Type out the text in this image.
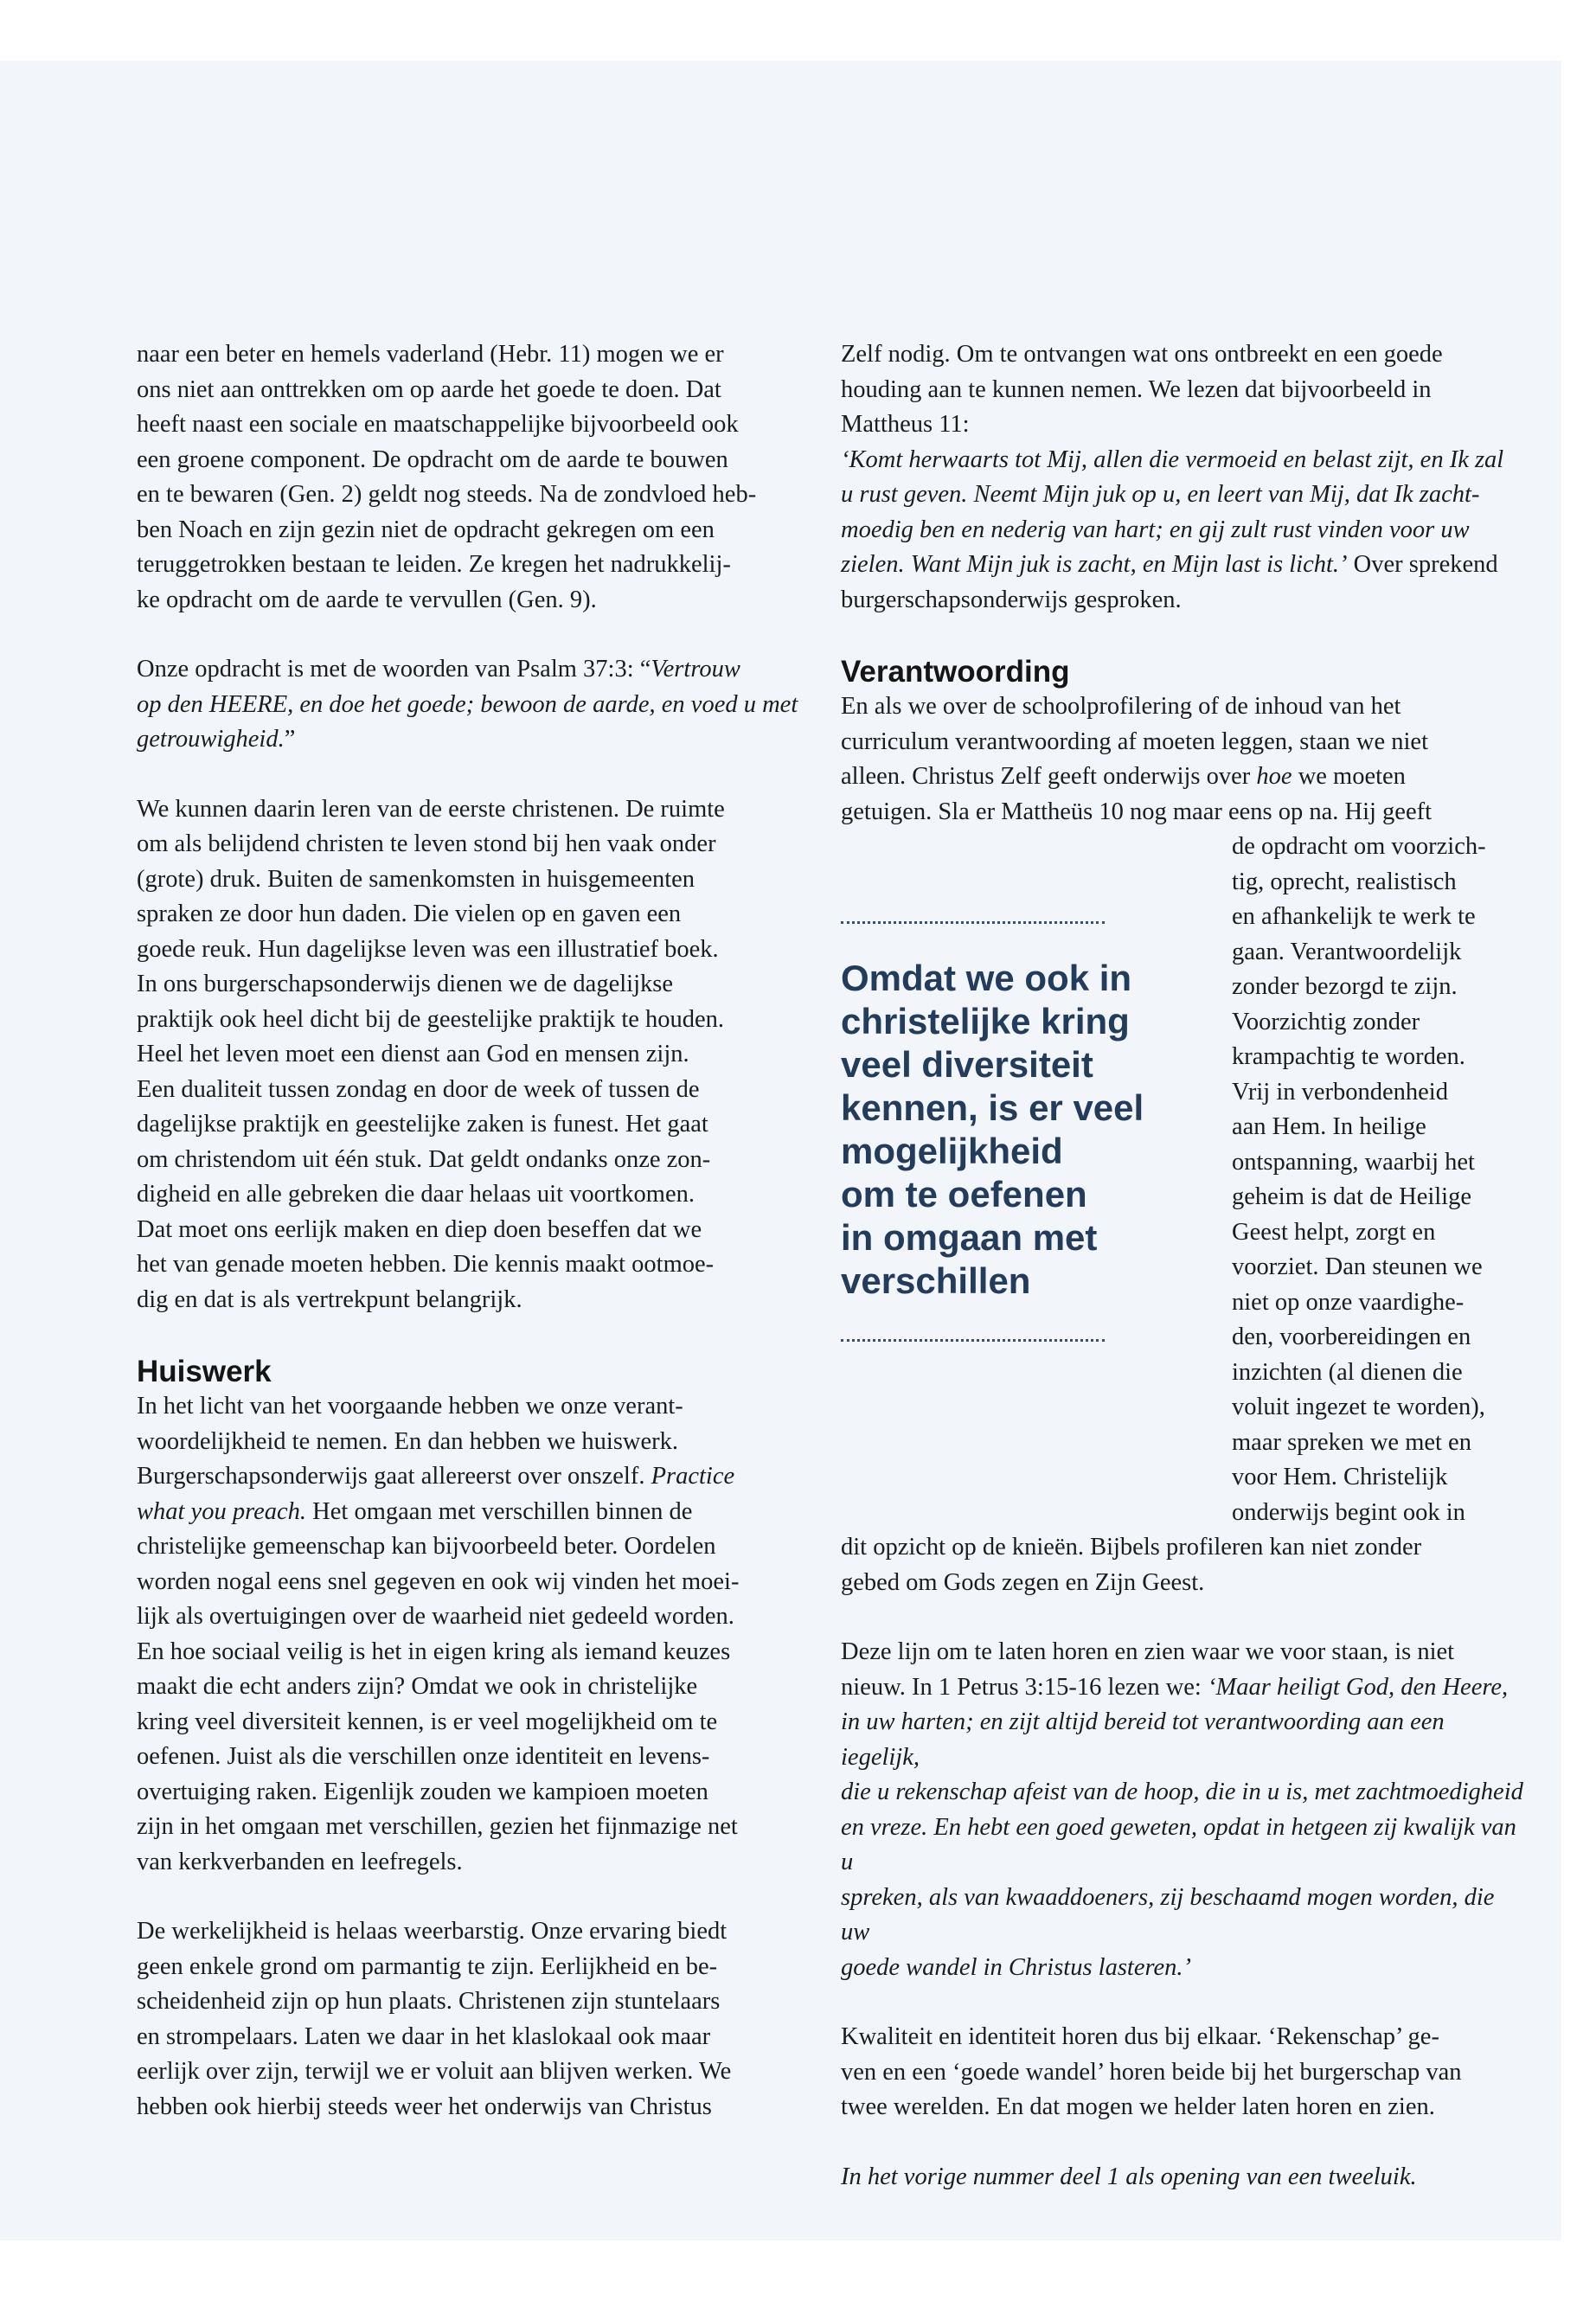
naar een beter en hemels vaderland (Hebr. 11) mogen we er

ons niet aan onttrekken om op aarde het goede te doen. Dat

heeft naast een sociale en maatschappelijke bijvoorbeeld ook

een groene component. De opdracht om de aarde te bouwen

en te bewaren (Gen. 2) geldt nog steeds. Na de zondvloed heb-

ben Noach en zijn gezin niet de opdracht gekregen om een

teruggetrokken bestaan te leiden. Ze kregen het nadrukkelij-

ke opdracht om de aarde te vervullen (Gen. 9).

Onze opdracht is met de woorden van Psalm 37:3: “Vertrouw

op den HEERE, en doe het goede; bewoon de aarde, en voed u met

getrouwigheid.”

We kunnen daarin leren van de eerste christenen. De ruimte

om als belijdend christen te leven stond bij hen vaak onder

(grote) druk. Buiten de samenkomsten in huisgemeenten

spraken ze door hun daden. Die vielen op en gaven een

goede reuk. Hun dagelijkse leven was een illustratief boek.

In ons burgerschapsonderwijs dienen we de dagelijkse

praktijk ook heel dicht bij de geestelijke praktijk te houden.

Heel het leven moet een dienst aan God en mensen zijn.

Een dualiteit tussen zondag en door de week of tussen de

dagelijkse praktijk en geestelijke zaken is funest. Het gaat

om christendom uit één stuk. Dat geldt ondanks onze zon-

digheid en alle gebreken die daar helaas uit voortkomen.

Dat moet ons eerlijk maken en diep doen beseffen dat we

het van genade moeten hebben. Die kennis maakt ootmoe-

dig en dat is als vertrekpunt belangrijk.

Huiswerk

In het licht van het voorgaande hebben we onze verant-

woordelijkheid te nemen. En dan hebben we huiswerk.

Burgerschapsonderwijs gaat allereerst over onszelf. Practice

what you preach. Het omgaan met verschillen binnen de

christelijke gemeenschap kan bijvoorbeeld beter. Oordelen

worden nogal eens snel gegeven en ook wij vinden het moei-

lijk als overtuigingen over de waarheid niet gedeeld worden.

En hoe sociaal veilig is het in eigen kring als iemand keuzes

maakt die echt anders zijn? Omdat we ook in christelijke

kring veel diversiteit kennen, is er veel mogelijkheid om te

oefenen. Juist als die verschillen onze identiteit en levens-

overtuiging raken. Eigenlijk zouden we kampioen moeten

zijn in het omgaan met verschillen, gezien het fijnmazige net

van kerkverbanden en leefregels.

De werkelijkheid is helaas weerbarstig. Onze ervaring biedt

geen enkele grond om parmantig te zijn. Eerlijkheid en be-

scheidenheid zijn op hun plaats. Christenen zijn stuntelaars

en strompelaars. Laten we daar in het klaslokaal ook maar

eerlijk over zijn, terwijl we er voluit aan blijven werken. We

hebben ook hierbij steeds weer het onderwijs van Christus

Zelf nodig. Om te ontvangen wat ons ontbreekt en een goede

houding aan te kunnen nemen. We lezen dat bijvoorbeeld in

Mattheus 11:

‘Komt herwaarts tot Mij, allen die vermoeid en belast zijt, en Ik zal

u rust geven. Neemt Mijn juk op u, en leert van Mij, dat Ik zacht-

moedig ben en nederig van hart; en gij zult rust vinden voor uw

zielen. Want Mijn juk is zacht, en Mijn last is licht.’ Over sprekend

burgerschapsonderwijs gesproken.

Verantwoording

En als we over de schoolprofilering of de inhoud van het

curriculum verantwoording af moeten leggen, staan we niet

alleen. Christus Zelf geeft onderwijs over hoe we moeten

getuigen. Sla er Mattheüs 10 nog maar eens op na. Hij geeft

de opdracht om voorzich-

tig, oprecht, realistisch

en afhankelijk te werk te

gaan. Verantwoordelijk

zonder bezorgd te zijn.

Voorzichtig zonder

krampachtig te worden.

Vrij in verbondenheid

aan Hem. In heilige

ontspanning, waarbij het

geheim is dat de Heilige

Geest helpt, zorgt en

voorziet. Dan steunen we

niet op onze vaardighe-

den, voorbereidingen en

inzichten (al dienen die

voluit ingezet te worden),

maar spreken we met en

voor Hem. Christelijk

onderwijs begint ook in

dit opzicht op de knieën. Bijbels profileren kan niet zonder

gebed om Gods zegen en Zijn Geest.

Deze lijn om te laten horen en zien waar we voor staan, is niet

nieuw. In 1 Petrus 3:15-16 lezen we: ‘Maar heiligt God, den Heere,

in uw harten; en zijt altijd bereid tot verantwoording aan een iegelijk,

die u rekenschap afeist van de hoop, die in u is, met zachtmoedigheid

en vreze. En hebt een goed geweten, opdat in hetgeen zij kwalijk van u

spreken, als van kwaaddoeners, zij beschaamd mogen worden, die uw

goede wandel in Christus lasteren.’

Kwaliteit en identiteit horen dus bij elkaar. ‘Rekenschap’ ge-

ven en een ‘goede wandel’ horen beide bij het burgerschap van

twee werelden. En dat mogen we helder laten horen en zien.

In het vorige nummer deel 1 als opening van een tweeluik.

Omdat we ook in
christelijke kring
veel diversiteit
kennen, is er veel
mogelijkheid
om te oefenen
in omgaan met
verschillen
